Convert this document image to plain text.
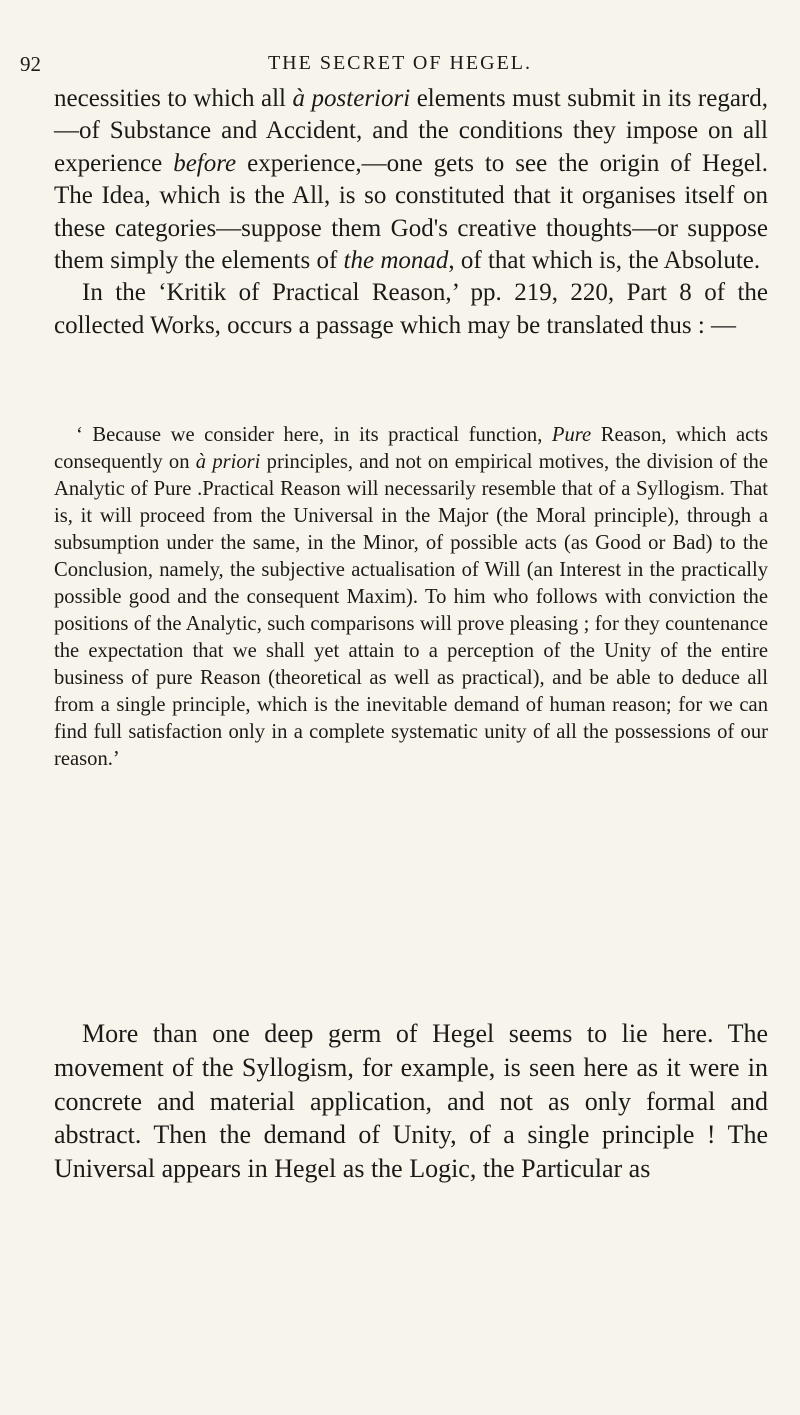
92	THE SECRET OF HEGEL.

necessities to which all à posteriori elements must submit in its regard,—of Substance and Accident, and the conditions they impose on all experience before experience,—one gets to see the origin of Hegel. The Idea, which is the All, is so constituted that it organises itself on these categories—suppose them God's creative thoughts—or suppose them simply the elements of the monad, of that which is, the Absolute.

In the ‘Kritik of Practical Reason,’ pp. 219, 220, Part 8 of the collected Works, occurs a passage which may be translated thus : —

‘ Because we consider here, in its practical function, Pure Reason, which acts consequently on à priori principles, and not on empirical motives, the division of the Analytic of Pure .Practical Reason will necessarily resemble that of a Syllogism. That is, it will proceed from the Universal in the Major (the Moral principle), through a subsumption under the same, in the Minor, of possible acts (as Good or Bad) to the Conclusion, namely, the subjective actualisation of Will (an Interest in the practically possible good and the consequent Maxim). To him who follows with conviction the positions of the Analytic, such comparisons will prove pleasing ; for they countenance the expectation that we shall yet attain to a perception of the Unity of the entire business of pure Reason (theoretical as well as practical), and be able to deduce all from a single principle, which is the inevitable demand of human reason; for we can find full satisfaction only in a complete systematic unity of all the possessions of our reason.’

More than one deep germ of Hegel seems to lie here. The movement of the Syllogism, for example, is seen here as it were in concrete and material application, and not as only formal and abstract. Then the demand of Unity, of a single principle ! The Universal appears in Hegel as the Logic, the Particular as
